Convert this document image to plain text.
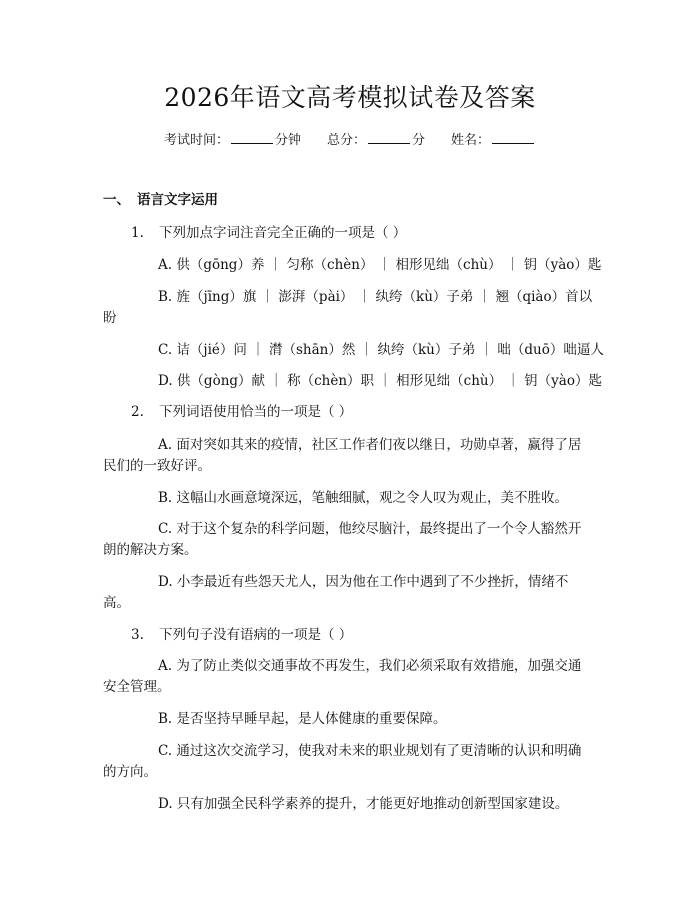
2026年语文高考模拟试卷及答案
考试时间：	分钟 总分：	分 姓名：
一、 语言文字运用
1. 下列加点字词注音完全正确的一项是（ ）
A. 供（gōng）养 ｜ 匀称（chèn） ｜ 相形见绌（chù） ｜ 钥（yào）匙
B. 旌（jīng）旗 ｜ 澎湃（pài） ｜ 纨绔（kù）子弟 ｜ 翘（qiào）首以
盼
C. 诘（jié）问 ｜ 潸（shān）然 ｜ 纨绔（kù）子弟 ｜ 咄（duō）咄逼人
D. 供（gòng）献 ｜ 称（chèn）职 ｜ 相形见绌（chù） ｜ 钥（yào）匙
2. 下列词语使用恰当的一项是（ ）
A. 面对突如其来的疫情，社区工作者们夜以继日，功勋卓著，赢得了居
民们的一致好评。
B. 这幅山水画意境深远，笔触细腻，观之令人叹为观止，美不胜收。
C. 对于这个复杂的科学问题，他绞尽脑汁，最终提出了一个令人豁然开
朗的解决方案。
D. 小李最近有些怨天尤人，因为他在工作中遇到了不少挫折，情绪不
高。
3. 下列句子没有语病的一项是（ ）
A. 为了防止类似交通事故不再发生，我们必须采取有效措施，加强交通
安全管理。
B. 是否坚持早睡早起，是人体健康的重要保障。
C. 通过这次交流学习，使我对未来的职业规划有了更清晰的认识和明确
的方向。
D. 只有加强全民科学素养的提升，才能更好地推动创新型国家建设。
